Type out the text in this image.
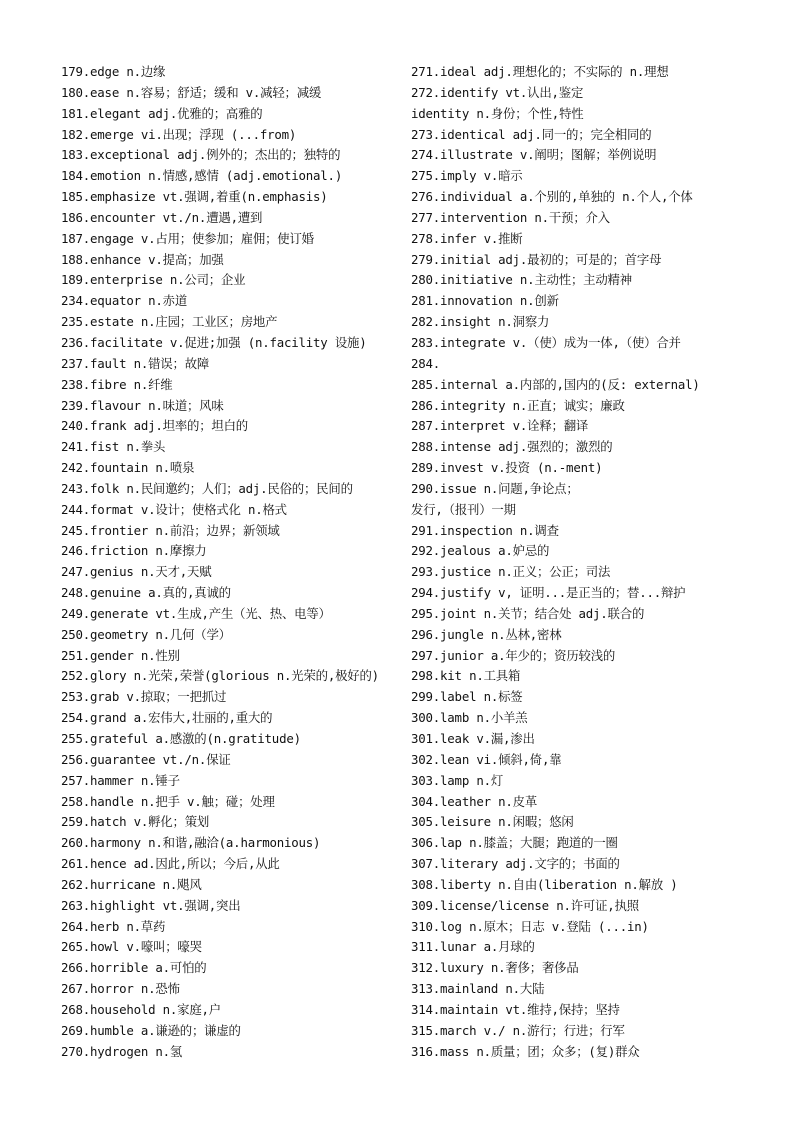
179.edge n.边缘
180.ease n.容易；舒适；缓和 v.减轻；减缓
181.elegant adj.优雅的；高雅的
182.emerge vi.出现；浮现 (...from)
183.exceptional adj.例外的；杰出的；独特的
184.emotion n.情感,感情 (adj.emotional.)
185.emphasize vt.强调,着重(n.emphasis)
186.encounter vt./n.遭遇,遭到
187.engage v.占用；使参加；雇佣；使订婚
188.enhance v.提高；加强
189.enterprise n.公司；企业
234.equator n.赤道
235.estate n.庄园；工业区；房地产
236.facilitate v.促进;加强 (n.facility 设施)
237.fault n.错误；故障
238.fibre n.纤维
239.flavour n.味道；风味
240.frank adj.坦率的；坦白的
241.fist n.拳头
242.fountain n.喷泉
243.folk n.民间邀约；人们；adj.民俗的；民间的
244.format v.设计；使格式化 n.格式
245.frontier n.前沿；边界；新领域
246.friction n.摩擦力
247.genius n.天才,天赋
248.genuine a.真的,真诚的
249.generate vt.生成,产生（光、热、电等）
250.geometry n.几何（学）
251.gender n.性别
252.glory n.光荣,荣誉(glorious n.光荣的,极好的)
253.grab v.掠取；一把抓过
254.grand a.宏伟大,壮丽的,重大的
255.grateful a.感激的(n.gratitude)
256.guarantee vt./n.保证
257.hammer n.锤子
258.handle n.把手 v.触；碰；处理
259.hatch v.孵化；策划
260.harmony n.和谐,融洽(a.harmonious)
261.hence ad.因此,所以；今后,从此
262.hurricane n.飓风
263.highlight vt.强调,突出
264.herb n.草药
265.howl v.嚎叫；嚎哭
266.horrible a.可怕的
267.horror n.恐怖
268.household n.家庭,户
269.humble a.谦逊的；谦虚的
270.hydrogen n.氢
271.ideal adj.理想化的；不实际的 n.理想
272.identify vt.认出,鉴定
identity n.身份；个性,特性
273.identical adj.同一的；完全相同的
274.illustrate v.阐明；图解；举例说明
275.imply v.暗示
276.individual a.个别的,单独的 n.个人,个体
277.intervention n.干预；介入
278.infer v.推断
279.initial adj.最初的；可是的；首字母
280.initiative n.主动性；主动精神
281.innovation n.创新
282.insight n.洞察力
283.integrate v.（使）成为一体,（使）合并
284.
285.internal a.内部的,国内的(反: external)
286.integrity n.正直；诚实；廉政
287.interpret v.诠释；翻译
288.intense adj.强烈的；激烈的
289.invest v.投资 (n.-ment)
290.issue n.问题,争论点；
发行,（报刊）一期
291.inspection n.调查
292.jealous a.妒忌的
293.justice n.正义；公正；司法
294.justify v, 证明...是正当的；替...辩护
295.joint n.关节；结合处 adj.联合的
296.jungle n.丛林,密林
297.junior a.年少的；资历较浅的
298.kit n.工具箱
299.label n.标签
300.lamb n.小羊羔
301.leak v.漏,渗出
302.lean vi.倾斜,倚,靠
303.lamp n.灯
304.leather n.皮革
305.leisure n.闲暇；悠闲
306.lap n.膝盖；大腿；跑道的一圈
307.literary adj.文字的；书面的
308.liberty n.自由(liberation n.解放 )
309.license/license n.许可证,执照
310.log n.原木；日志 v.登陆 (...in)
311.lunar a.月球的
312.luxury n.奢侈；奢侈品
313.mainland n.大陆
314.maintain vt.维持,保持；坚持
315.march v./ n.游行；行进；行军
316.mass n.质量；团；众多；(复)群众
